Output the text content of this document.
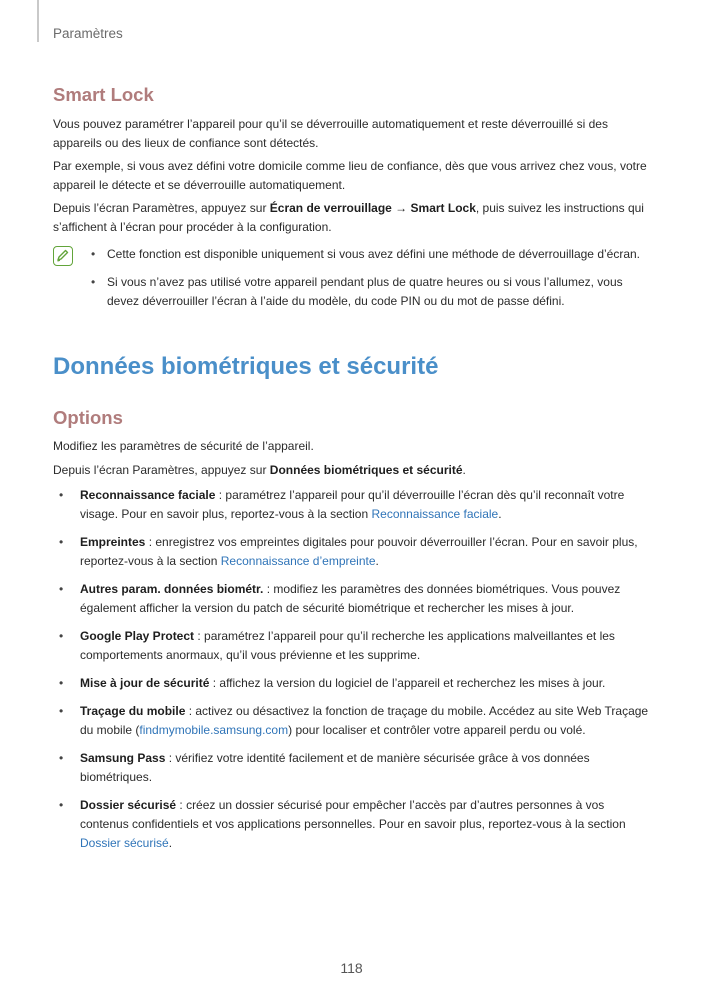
Paramètres
Smart Lock

Vous pouvez paramétrer l’appareil pour qu’il se déverrouille automatiquement et reste déverrouillé si des appareils ou des lieux de confiance sont détectés.

Par exemple, si vous avez défini votre domicile comme lieu de confiance, dès que vous arrivez chez vous, votre appareil le détecte et se déverrouille automatiquement.

Depuis l’écran Paramètres, appuyez sur Écran de verrouillage → Smart Lock, puis suivez les instructions qui s’affichent à l’écran pour procéder à la configuration.

• Cette fonction est disponible uniquement si vous avez défini une méthode de déverrouillage d’écran.
• Si vous n’avez pas utilisé votre appareil pendant plus de quatre heures ou si vous l’allumez, vous devez déverrouiller l’écran à l’aide du modèle, du code PIN ou du mot de passe défini.
Données biométriques et sécurité
Options

Modifiez les paramètres de sécurité de l’appareil.

Depuis l’écran Paramètres, appuyez sur Données biométriques et sécurité.

• Reconnaissance faciale : paramétrez l’appareil pour qu’il déverrouille l’écran dès qu’il reconnaît votre visage. Pour en savoir plus, reportez-vous à la section Reconnaissance faciale.
• Empreintes : enregistrez vos empreintes digitales pour pouvoir déverrouiller l’écran. Pour en savoir plus, reportez-vous à la section Reconnaissance d’empreinte.
• Autres param. données biométr. : modifiez les paramètres des données biométriques. Vous pouvez également afficher la version du patch de sécurité biométrique et rechercher les mises à jour.
• Google Play Protect : paramétrez l’appareil pour qu’il recherche les applications malveillantes et les comportements anormaux, qu’il vous prévienne et les supprime.
• Mise à jour de sécurité : affichez la version du logiciel de l’appareil et recherchez les mises à jour.
• Traçage du mobile : activez ou désactivez la fonction de traçage du mobile. Accédez au site Web Traçage du mobile (findmymobile.samsung.com) pour localiser et contrôler votre appareil perdu ou volé.
• Samsung Pass : vérifiez votre identité facilement et de manière sécurisée grâce à vos données biométriques.
• Dossier sécurisé : créez un dossier sécurisé pour empêcher l’accès par d’autres personnes à vos contenus confidentiels et vos applications personnelles. Pour en savoir plus, reportez-vous à la section Dossier sécurisé.
118
